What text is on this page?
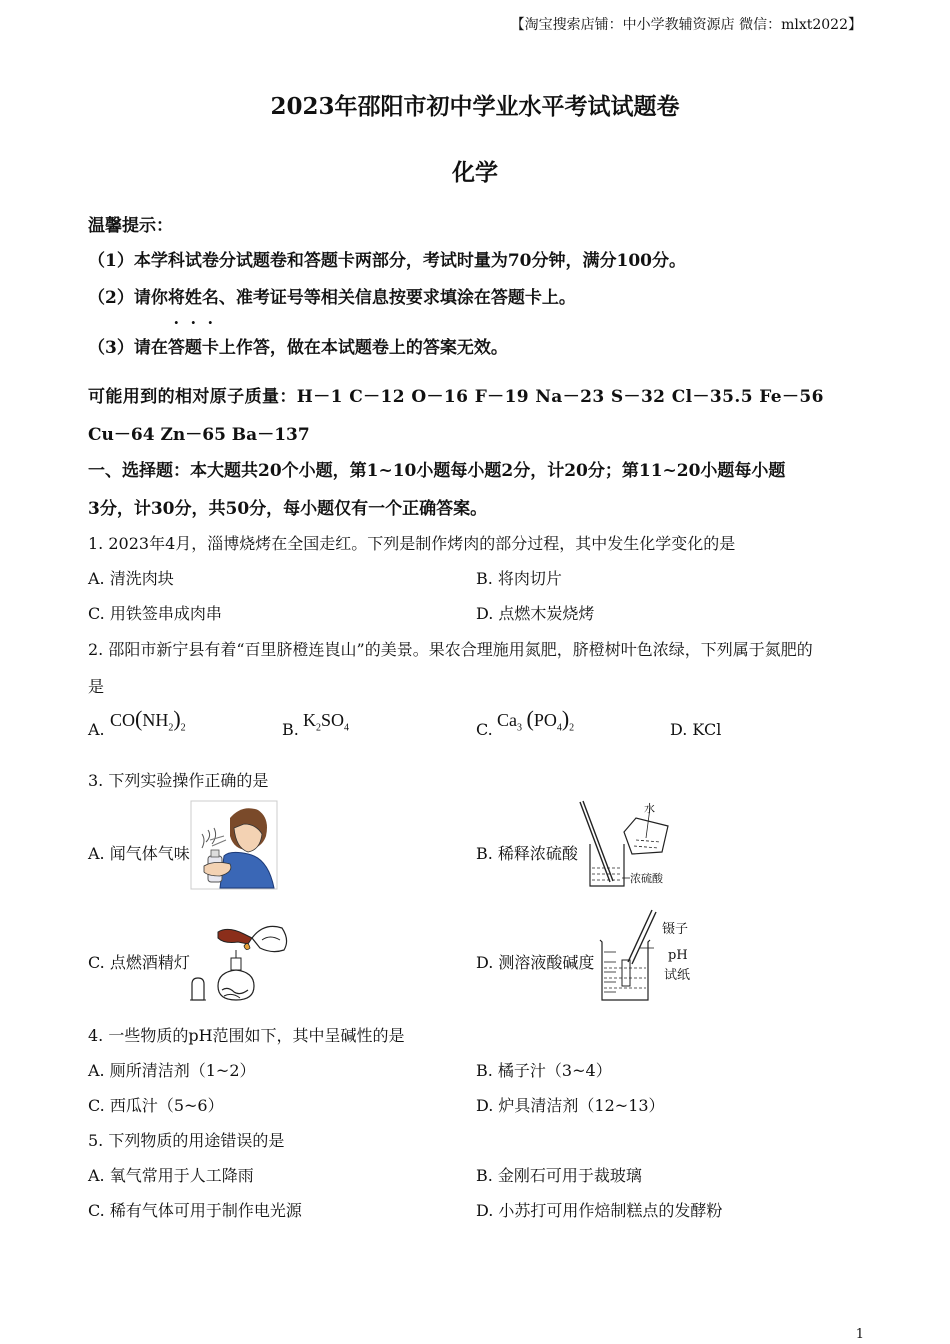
【淘宝搜索店铺：中小学教辅资源店 微信：mlxt2022】
2023年邵阳市初中学业水平考试试题卷
化学
温馨提示：
（1）本学科试卷分试题卷和答题卡两部分，考试时量为70分钟，满分100分。
（2）请你将姓名、准考证号等相关信息按要求填涂在答题卡上。
（3）请在答题卡上作答，做在本试题卷上的答案无效。
可能用到的相对原子质量：H－1 C－12 O－16 F－19 Na－23 S－32 Cl－35.5 Fe－56
Cu－64 Zn－65 Ba－137
一、选择题：本大题共20个小题，第1~10小题每小题2分，计20分；第11~20小题每小题
3分，计30分，共50分，每小题仅有一个正确答案。
1. 2023年4月，淄博烧烤在全国走红。下列是制作烤肉的部分过程，其中发生化学变化的是
A. 清洗肉块	B. 将肉切片
C. 用铁签串成肉串	D. 点燃木炭烧烤
2. 邵阳市新宁县有着“百里脐橙连崀山”的美景。果农合理施用氮肥，脐橙树叶色浓绿，下列属于氮肥的
是
A. $CO(NH_2)_2$	B. $K_2SO_4$	C. $Ca_3$ $(PO_4)_2$	D. KCl
3. 下列实验操作正确的是
A. 闻气体气味	B. 稀释浓硫酸
C. 点燃酒精灯	D. 测溶液酸碱度
水
浓硫酸
镊子
pH
试纸
4. 一些物质的pH范围如下，其中呈碱性的是
A. 厕所清洁剂（1~2）	B. 橘子汁（3~4）
C. 西瓜汁（5~6）	D. 炉具清洁剂（12~13）
5. 下列物质的用途错误的是
A. 氧气常用于人工降雨	B. 金刚石可用于裁玻璃
C. 稀有气体可用于制作电光源	D. 小苏打可用作焙制糕点的发酵粉
1
